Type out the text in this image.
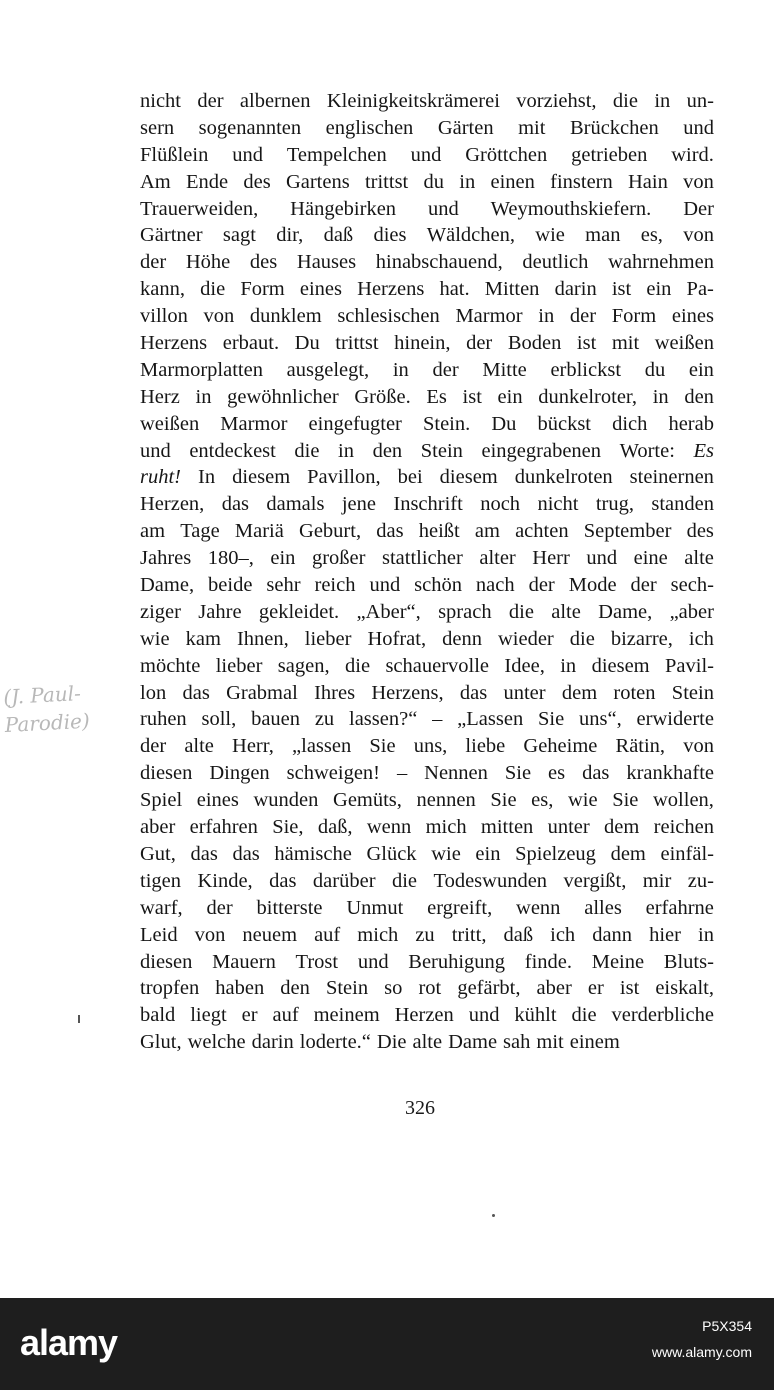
nicht der albernen Kleinigkeitskrämerei vorziehst, die in un-
sern sogenannten englischen Gärten mit Brückchen und
Flüßlein und Tempelchen und Gröttchen getrieben wird.
Am Ende des Gartens trittst du in einen finstern Hain von
Trauerweiden, Hängebirken und Weymouthskiefern. Der
Gärtner sagt dir, daß dies Wäldchen, wie man es, von
der Höhe des Hauses hinabschauend, deutlich wahrnehmen
kann, die Form eines Herzens hat. Mitten darin ist ein Pa-
villon von dunklem schlesischen Marmor in der Form eines
Herzens erbaut. Du trittst hinein, der Boden ist mit weißen
Marmorplatten ausgelegt, in der Mitte erblickst du ein
Herz in gewöhnlicher Größe. Es ist ein dunkelroter, in den
weißen Marmor eingefugter Stein. Du bückst dich herab
und entdeckest die in den Stein eingegrabenen Worte: Es
ruht! In diesem Pavillon, bei diesem dunkelroten steinernen
Herzen, das damals jene Inschrift noch nicht trug, standen
am Tage Mariä Geburt, das heißt am achten September des
Jahres 180–, ein großer stattlicher alter Herr und eine alte
Dame, beide sehr reich und schön nach der Mode der sech-
ziger Jahre gekleidet. „Aber“, sprach die alte Dame, „aber
wie kam Ihnen, lieber Hofrat, denn wieder die bizarre, ich
möchte lieber sagen, die schauervolle Idee, in diesem Pavil-
lon das Grabmal Ihres Herzens, das unter dem roten Stein
ruhen soll, bauen zu lassen?“ – „Lassen Sie uns“, erwiderte
der alte Herr, „lassen Sie uns, liebe Geheime Rätin, von
diesen Dingen schweigen! – Nennen Sie es das krankhafte
Spiel eines wunden Gemüts, nennen Sie es, wie Sie wollen,
aber erfahren Sie, daß, wenn mich mitten unter dem reichen
Gut, das das hämische Glück wie ein Spielzeug dem einfäl-
tigen Kinde, das darüber die Todeswunden vergißt, mir zu-
warf, der bitterste Unmut ergreift, wenn alles erfahrne
Leid von neuem auf mich zu tritt, daß ich dann hier in
diesen Mauern Trost und Beruhigung finde. Meine Bluts-
tropfen haben den Stein so rot gefärbt, aber er ist eiskalt,
bald liegt er auf meinem Herzen und kühlt die verderbliche
Glut, welche darin loderte.“ Die alte Dame sah mit einem
326
(J. Paul-
Parodie)
alamy	P5X354
www.alamy.com
